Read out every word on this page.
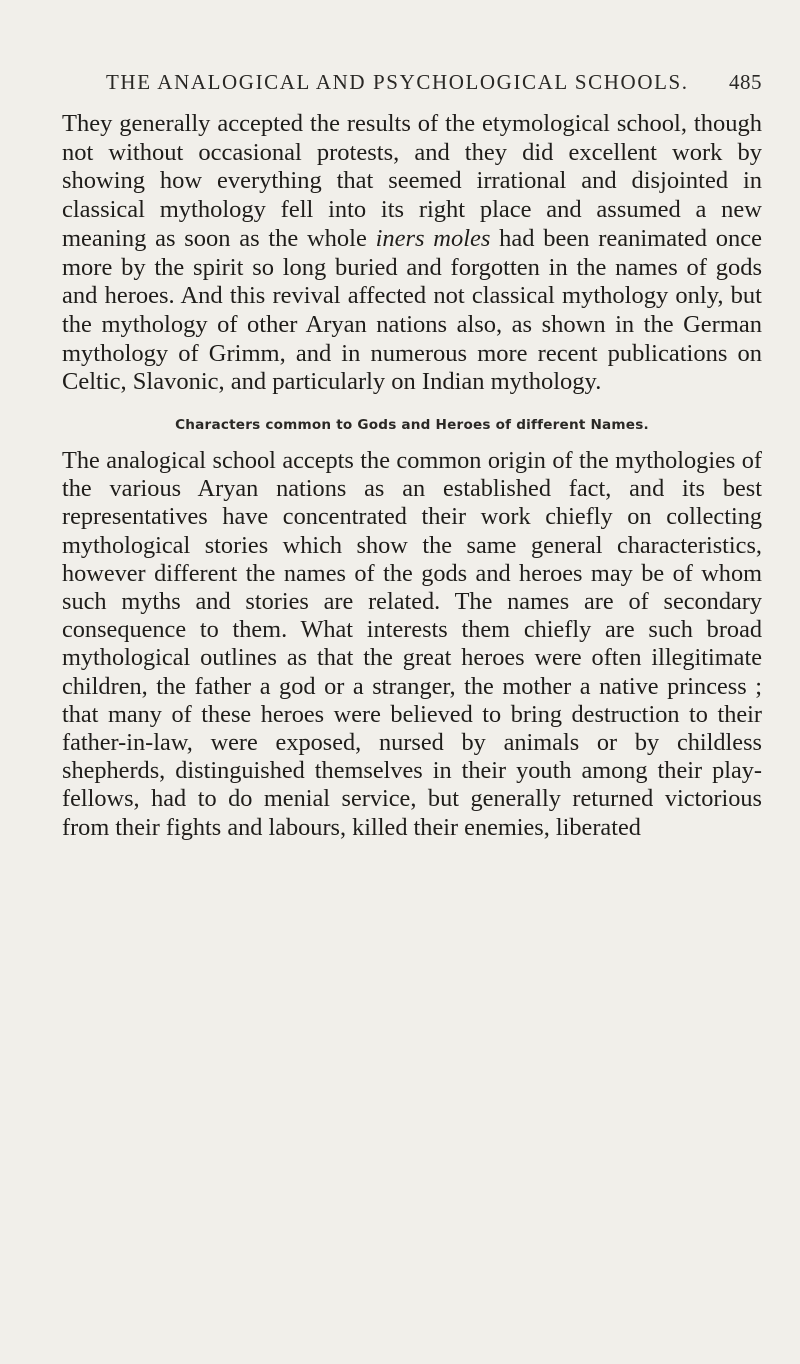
THE ANALOGICAL AND PSYCHOLOGICAL SCHOOLS. 485

They generally accepted the results of the etymological school, though not without occasional protests, and they did excellent work by showing how everything that seemed irrational and disjointed in classical mythology fell into its right place and assumed a new meaning as soon as the whole iners moles had been reanimated once more by the spirit so long buried and forgotten in the names of gods and heroes. And this revival affected not classical mythology only, but the mythology of other Aryan nations also, as shown in the German mythology of Grimm, and in numerous more recent publications on Celtic, Slavonic, and particularly on Indian mythology.

Characters common to Gods and Heroes of different Names.

The analogical school accepts the common origin of the mythologies of the various Aryan nations as an established fact, and its best representatives have concentrated their work chiefly on collecting mythological stories which show the same general characteristics, however different the names of the gods and heroes may be of whom such myths and stories are related. The names are of secondary consequence to them. What interests them chiefly are such broad mythological outlines as that the great heroes were often illegitimate children, the father a god or a stranger, the mother a native princess ; that many of these heroes were believed to bring destruction to their father-in-law, were exposed, nursed by animals or by childless shepherds, distinguished themselves in their youth among their play-fellows, had to do menial service, but generally returned victorious from their fights and labours, killed their enemies, liberated
